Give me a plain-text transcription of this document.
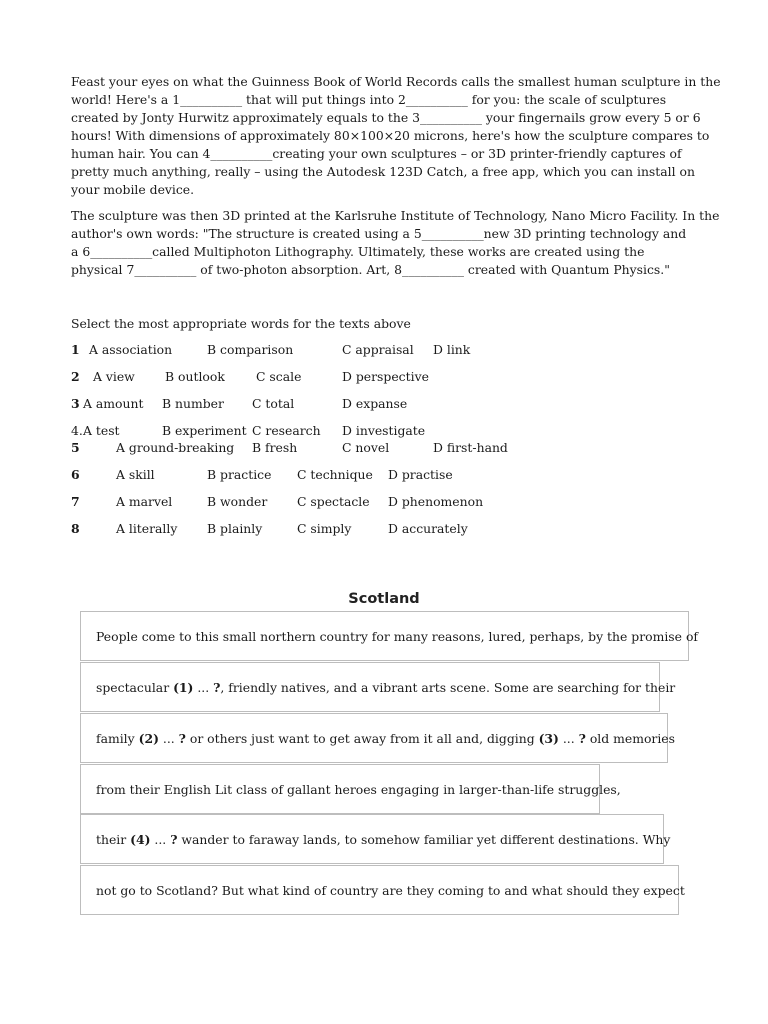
Feast your eyes on what the Guinness Book of World Records calls the smallest human sculpture in the
world! Here's a 1__________ that will put things into 2__________ for you: the scale of sculptures
created by Jonty Hurwitz approximately equals to the 3__________ your fingernails grow every 5 or 6
hours! With dimensions of approximately 80×100×20 microns, here's how the sculpture compares to
human hair. You can 4__________creating your own sculptures – or 3D printer-friendly captures of
pretty much anything, really – using the Autodesk 123D Catch, a free app, which you can install on
your mobile device.
The sculpture was then 3D printed at the Karlsruhe Institute of Technology, Nano Micro Facility. In the
author's own words: "The structure is created using a 5__________new 3D printing technology and
a 6__________called Multiphoton Lithography. Ultimately, these works are created using the
physical 7__________ of two-photon absorption. Art, 8__________ created with Quantum Physics."
Select the most appropriate words for the texts above
1 A association	B comparison	C appraisal D link
2 A view B outlook	C scale	D perspective
3 A amount B number C total	D expanse
4. A test	B experiment C research D investigate
5	A ground-breaking B fresh	C novel	D first-hand
6	A skill	B practice C technique D practise
7	A marvel	B wonder C spectacle D phenomenon
8	A literally B plainly	C simply	D accurately
Scotland
People come to this small northern country for many reasons, lured, perhaps, by the promise of
spectacular (1) ... ?, friendly natives, and a vibrant arts scene. Some are searching for their
family (2) ... ? or others just want to get away from it all and, digging (3) ... ? old memories
from their English Lit class of gallant heroes engaging in larger-than-life struggles,
their (4) ... ? wander to faraway lands, to somehow familiar yet different destinations. Why
not go to Scotland? But what kind of country are they coming to and what should they expect
